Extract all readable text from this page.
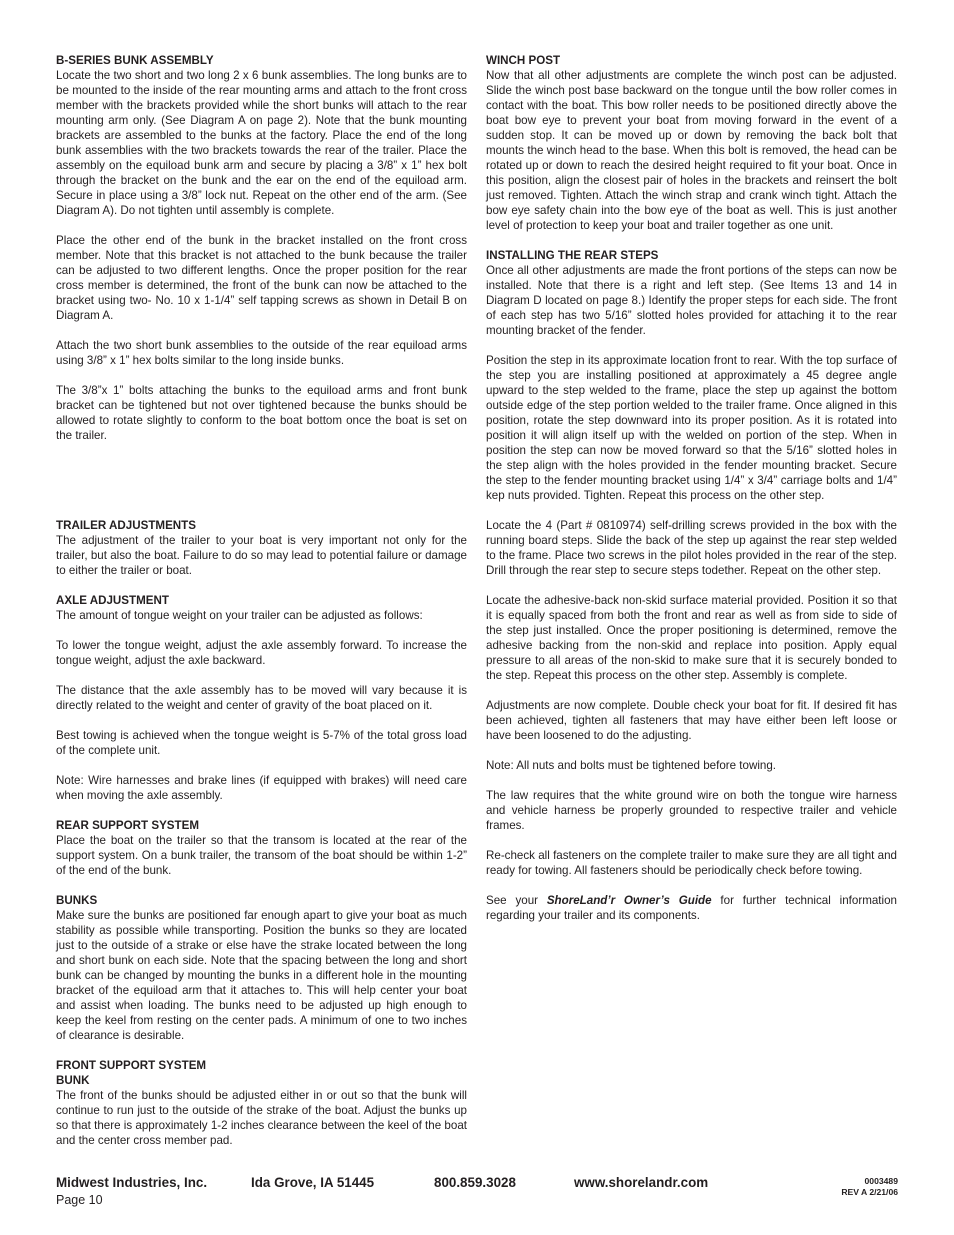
B-SERIES BUNK ASSEMBLY

Locate the two short and two long 2 x 6 bunk assemblies. The long bunks are to be mounted to the inside of the rear mounting arms and attach to the front cross member with the brackets provided while the short bunks will attach to the rear mounting arm only. (See Diagram A on page 2). Note that the bunk mounting brackets are assembled to the bunks at the factory. Place the end of the long bunk assemblies with the two brackets towards the rear of the trailer. Place the assembly on the equiload bunk arm and secure by placing a 3/8” x 1” hex bolt through the bracket on the bunk and the ear on the end of the equiload arm. Secure in place using a 3/8” lock nut. Repeat on the other end of the arm. (See Diagram A). Do not tighten until assembly is complete.

Place the other end of the bunk in the bracket installed on the front cross member. Note that this bracket is not attached to the bunk because the trailer can be adjusted to two different lengths. Once the proper position for the rear cross member is determined, the front of the bunk can now be attached to the bracket using two- No. 10 x 1-1/4” self tapping screws as shown in Detail B on Diagram A.

Attach the two short bunk assemblies to the outside of the rear equiload arms using 3/8” x 1” hex bolts similar to the long inside bunks.

The 3/8”x 1” bolts attaching the bunks to the equiload arms and front bunk bracket can be tightened but not over tightened because the bunks should be allowed to rotate slightly to conform to the boat bottom once the boat is set on the trailer.

TRAILER ADJUSTMENTS

The adjustment of the trailer to your boat is very important not only for the trailer, but also the boat. Failure to do so may lead to potential failure or damage to either the trailer or boat.

AXLE ADJUSTMENT

The amount of tongue weight on your trailer can be adjusted as follows:

To lower the tongue weight, adjust the axle assembly forward. To increase the tongue weight, adjust the axle backward.

The distance that the axle assembly has to be moved will vary because it is directly related to the weight and center of gravity of the boat placed on it.

Best towing is achieved when the tongue weight is 5-7% of the total gross load of the complete unit.

Note: Wire harnesses and brake lines (if equipped with brakes) will need care when moving the axle assembly.

REAR SUPPORT SYSTEM

Place the boat on the trailer so that the transom is located at the rear of the support system. On a bunk trailer, the transom of the boat should be within 1-2” of the end of the bunk.

BUNKS

Make sure the bunks are positioned far enough apart to give your boat as much stability as possible while transporting. Position the bunks so they are located just to the outside of a strake or else have the strake located between the long and short bunk on each side. Note that the spacing between the long and short bunk can be changed by mounting the bunks in a different hole in the mounting bracket of the equiload arm that it attaches to. This will help center your boat and assist when loading. The bunks need to be adjusted up high enough to keep the keel from resting on the center pads. A minimum of one to two inches of clearance is desirable.

FRONT SUPPORT SYSTEM

BUNK

The front of the bunks should be adjusted either in or out so that the bunk will continue to run just to the outside of the strake of the boat. Adjust the bunks up so that there is approximately 1-2 inches clearance between the keel of the boat and the center cross member pad.

WINCH POST

Now that all other adjustments are complete the winch post can be adjusted. Slide the winch post base backward on the tongue until the bow roller comes in contact with the boat. This bow roller needs to be positioned directly above the boat bow eye to prevent your boat from moving forward in the event of a sudden stop. It can be moved up or down by removing the back bolt that mounts the winch head to the base. When this bolt is removed, the head can be rotated up or down to reach the desired height required to fit your boat. Once in this position, align the closest pair of holes in the brackets and reinsert the bolt just removed. Tighten. Attach the winch strap and crank winch tight. Attach the bow eye safety chain into the bow eye of the boat as well. This is just another level of protection to keep your boat and trailer together as one unit.

INSTALLING THE REAR STEPS

Once all other adjustments are made the front portions of the steps can now be installed. Note that there is a right and left step. (See Items 13 and 14 in Diagram D located on page 8.) Identify the proper steps for each side. The front of each step has two 5/16” slotted holes provided for attaching it to the rear mounting bracket of the fender.

Position the step in its approximate location front to rear. With the top surface of the step you are installing positioned at approximately a 45 degree angle upward to the step welded to the frame, place the step up against the bottom outside edge of the step portion welded to the trailer frame. Once aligned in this position, rotate the step downward into its proper position. As it is rotated into position it will align itself up with the welded on portion of the step. When in position the step can now be moved forward so that the 5/16” slotted holes in the step align with the holes provided in the fender mounting bracket. Secure the step to the fender mounting bracket using 1/4” x 3/4” carriage bolts and 1/4” kep nuts provided. Tighten. Repeat this process on the other step.

Locate the 4 (Part # 0810974) self-drilling screws provided in the box with the running board steps. Slide the back of the step up against the rear step welded to the frame. Place two screws in the pilot holes provided in the rear of the step. Drill through the rear step to secure steps todether. Repeat on the other step.

Locate the adhesive-back non-skid surface material provided. Position it so that it is equally spaced from both the front and rear as well as from side to side of the step just installed. Once the proper positioning is determined, remove the adhesive backing from the non-skid and replace into position. Apply equal pressure to all areas of the non-skid to make sure that it is securely bonded to the step. Repeat this process on the other step. Assembly is complete.

Adjustments are now complete. Double check your boat for fit. If desired fit has been achieved, tighten all fasteners that may have either been left loose or have been loosened to do the adjusting.

Note: All nuts and bolts must be tightened before towing.

The law requires that the white ground wire on both the tongue wire harness and vehicle harness be properly grounded to respective trailer and vehicle frames.

Re-check all fasteners on the complete trailer to make sure they are all tight and ready for towing. All fasteners should be periodically check before towing.

See your ShoreLand’r Owner’s Guide for further technical information regarding your trailer and its components.

Midwest Industries, Inc.	Ida Grove, IA 51445	800.859.3028	www.shorelandr.com
Page 10
0003489
REV A 2/21/06
